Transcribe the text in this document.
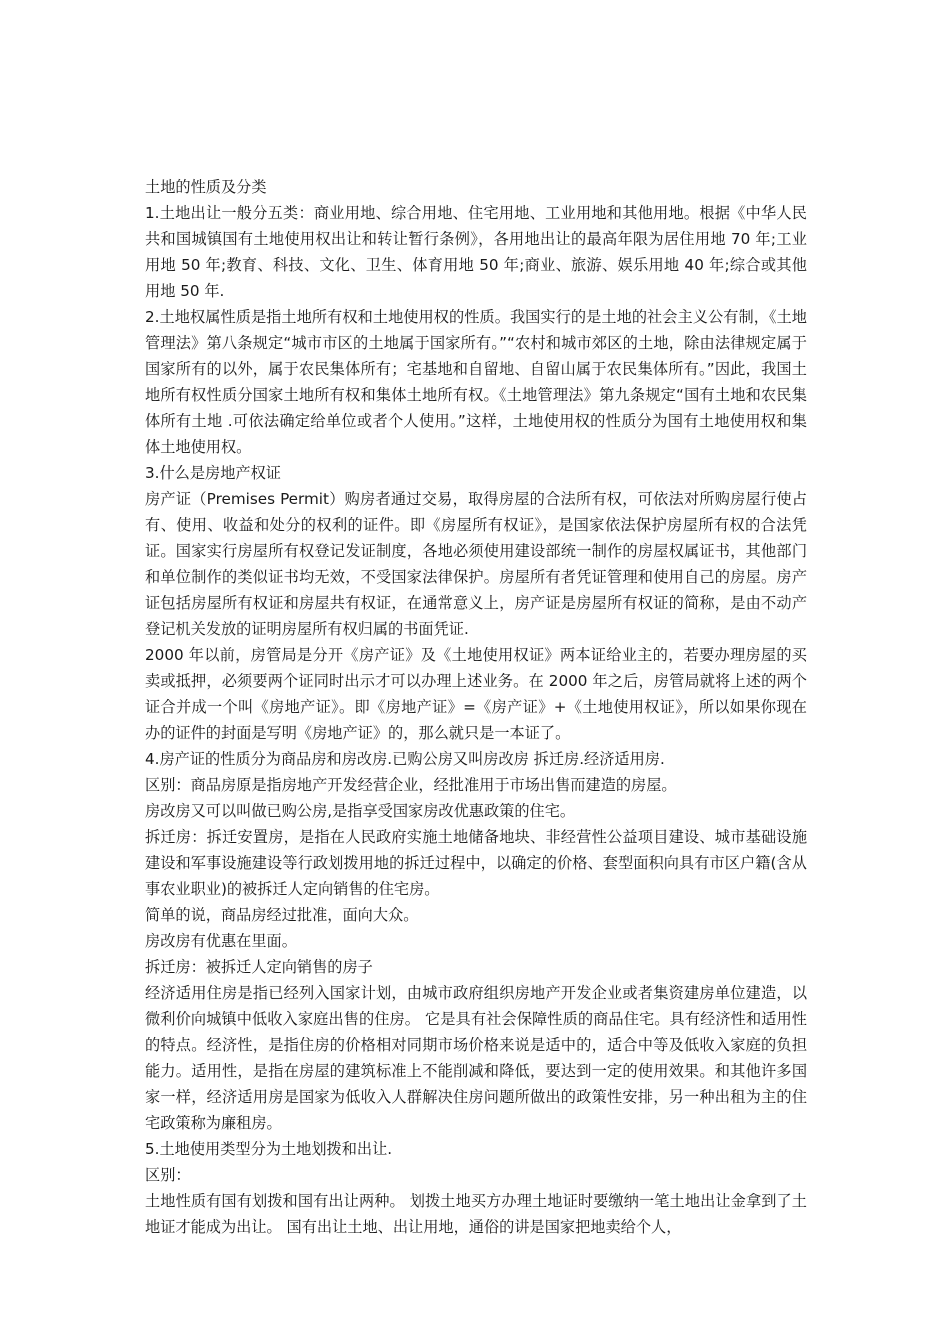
土地的性质及分类

1.土地出让一般分五类：商业用地、综合用地、住宅用地、工业用地和其他用地。根据《中华人民共和国城镇国有土地使用权出让和转让暂行条例》，各用地出让的最高年限为居住用地 70 年;工业用地 50 年;教育、科技、文化、卫生、体育用地 50 年;商业、旅游、娱乐用地 40 年;综合或其他用地 50 年.

2.土地权属性质是指土地所有权和土地使用权的性质。我国实行的是土地的社会主义公有制，《土地管理法》第八条规定“城市市区的土地属于国家所有。”“农村和城市郊区的土地，除由法律规定属于国家所有的以外，属于农民集体所有；宅基地和自留地、自留山属于农民集体所有。”因此，我国土地所有权性质分国家土地所有权和集体土地所有权。《土地管理法》第九条规定“国有土地和农民集体所有土地 .可依法确定给单位或者个人使用。”这样，土地使用权的性质分为国有土地使用权和集体土地使用权。

3.什么是房地产权证

房产证（Premises Permit）购房者通过交易，取得房屋的合法所有权，可依法对所购房屋行使占有、使用、收益和处分的权利的证件。即《房屋所有权证》，是国家依法保护房屋所有权的合法凭证。国家实行房屋所有权登记发证制度，各地必须使用建设部统一制作的房屋权属证书，其他部门和单位制作的类似证书均无效，不受国家法律保护。房屋所有者凭证管理和使用自己的房屋。房产证包括房屋所有权证和房屋共有权证，在通常意义上，房产证是房屋所有权证的简称，是由不动产登记机关发放的证明房屋所有权归属的书面凭证.

2000 年以前，房管局是分开《房产证》及《土地使用权证》两本证给业主的，若要办理房屋的买卖或抵押，必须要两个证同时出示才可以办理上述业务。在 2000 年之后，房管局就将上述的两个证合并成一个叫《房地产证》。即《房地产证》=《房产证》+《土地使用权证》，所以如果你现在办的证件的封面是写明《房地产证》的，那么就只是一本证了。

4.房产证的性质分为商品房和房改房.已购公房又叫房改房 拆迁房.经济适用房.

区别：商品房原是指房地产开发经营企业，经批准用于市场出售而建造的房屋。

房改房又可以叫做已购公房,是指享受国家房改优惠政策的住宅。

拆迁房：拆迁安置房，是指在人民政府实施土地储备地块、非经营性公益项目建设、城市基础设施建设和军事设施建设等行政划拨用地的拆迁过程中，以确定的价格、套型面积向具有市区户籍(含从事农业职业)的被拆迁人定向销售的住宅房。

简单的说，商品房经过批准，面向大众。

房改房有优惠在里面。

拆迁房：被拆迁人定向销售的房子

经济适用住房是指已经列入国家计划，由城市政府组织房地产开发企业或者集资建房单位建造，以微利价向城镇中低收入家庭出售的住房。 它是具有社会保障性质的商品住宅。具有经济性和适用性的特点。经济性，是指住房的价格相对同期市场价格来说是适中的，适合中等及低收入家庭的负担能力。适用性，是指在房屋的建筑标准上不能削减和降低，要达到一定的使用效果。和其他许多国家一样，经济适用房是国家为低收入人群解决住房问题所做出的政策性安排，另一种出租为主的住宅政策称为廉租房。

5.土地使用类型分为土地划拨和出让.

区别：

土地性质有国有划拨和国有出让两种。 划拨土地买方办理土地证时要缴纳一笔土地出让金拿到了土地证才能成为出让。 国有出让土地、出让用地，通俗的讲是国家把地卖给个人，
